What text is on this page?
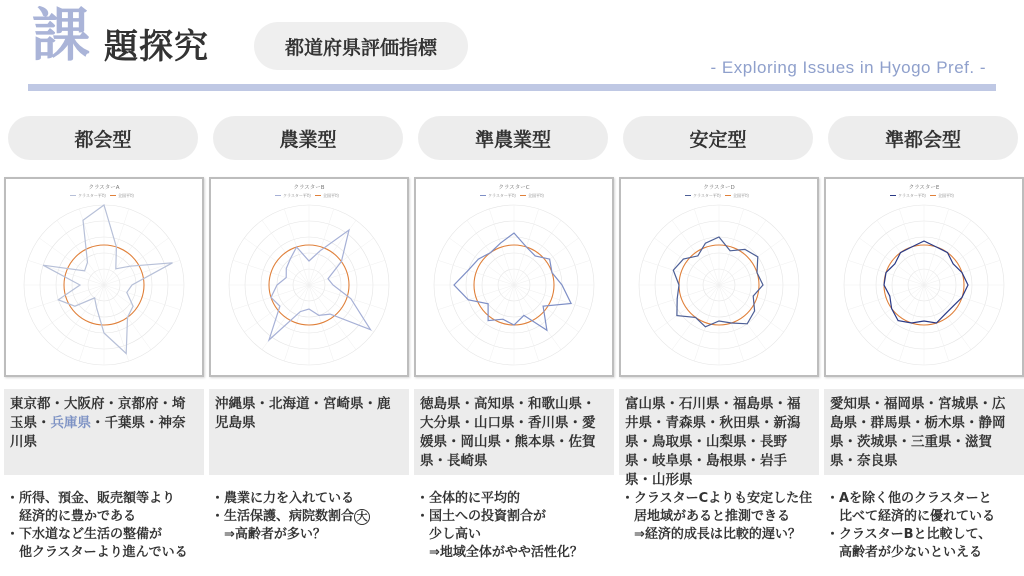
課 題探究	都道府県評価指標
- Exploring Issues in Hyogo Pref. -
都会型
クラスターA
クラスター平均	全国平均
東京都・大阪府・京都府・埼玉県・兵庫県・千葉県・神奈川県
・所得、預金、販売額等より
　経済的に豊かである
・下水道など生活の整備が
　他クラスターより進んでいる
農業型
クラスターB
クラスター平均	全国平均
沖縄県・北海道・宮崎県・鹿児島県
・農業に力を入れている
・生活保護、病院数割合 大
　⇒高齢者が多い？
準農業型
クラスターC
クラスター平均	全国平均
徳島県・高知県・和歌山県・大分県・山口県・香川県・愛媛県・岡山県・熊本県・佐賀県・長崎県
・全体的に平均的
・国土への投資割合が
　少し高い
　⇒地域全体がやや活性化？
安定型
クラスターD
クラスター平均	全国平均
富山県・石川県・福島県・福井県・青森県・秋田県・新潟県・鳥取県・山梨県・長野県・岐阜県・島根県・岩手県・山形県
・クラスターCよりも安定した住
　居地域があると推測できる
　⇒経済的成長は比較的遅い？
準都会型
クラスターE
クラスター平均	全国平均
愛知県・福岡県・宮城県・広島県・群馬県・栃木県・静岡県・茨城県・三重県・滋賀県・奈良県
・Aを除く他のクラスターと
　比べて経済的に優れている
・クラスターBと比較して、
　高齢者が少ないといえる
